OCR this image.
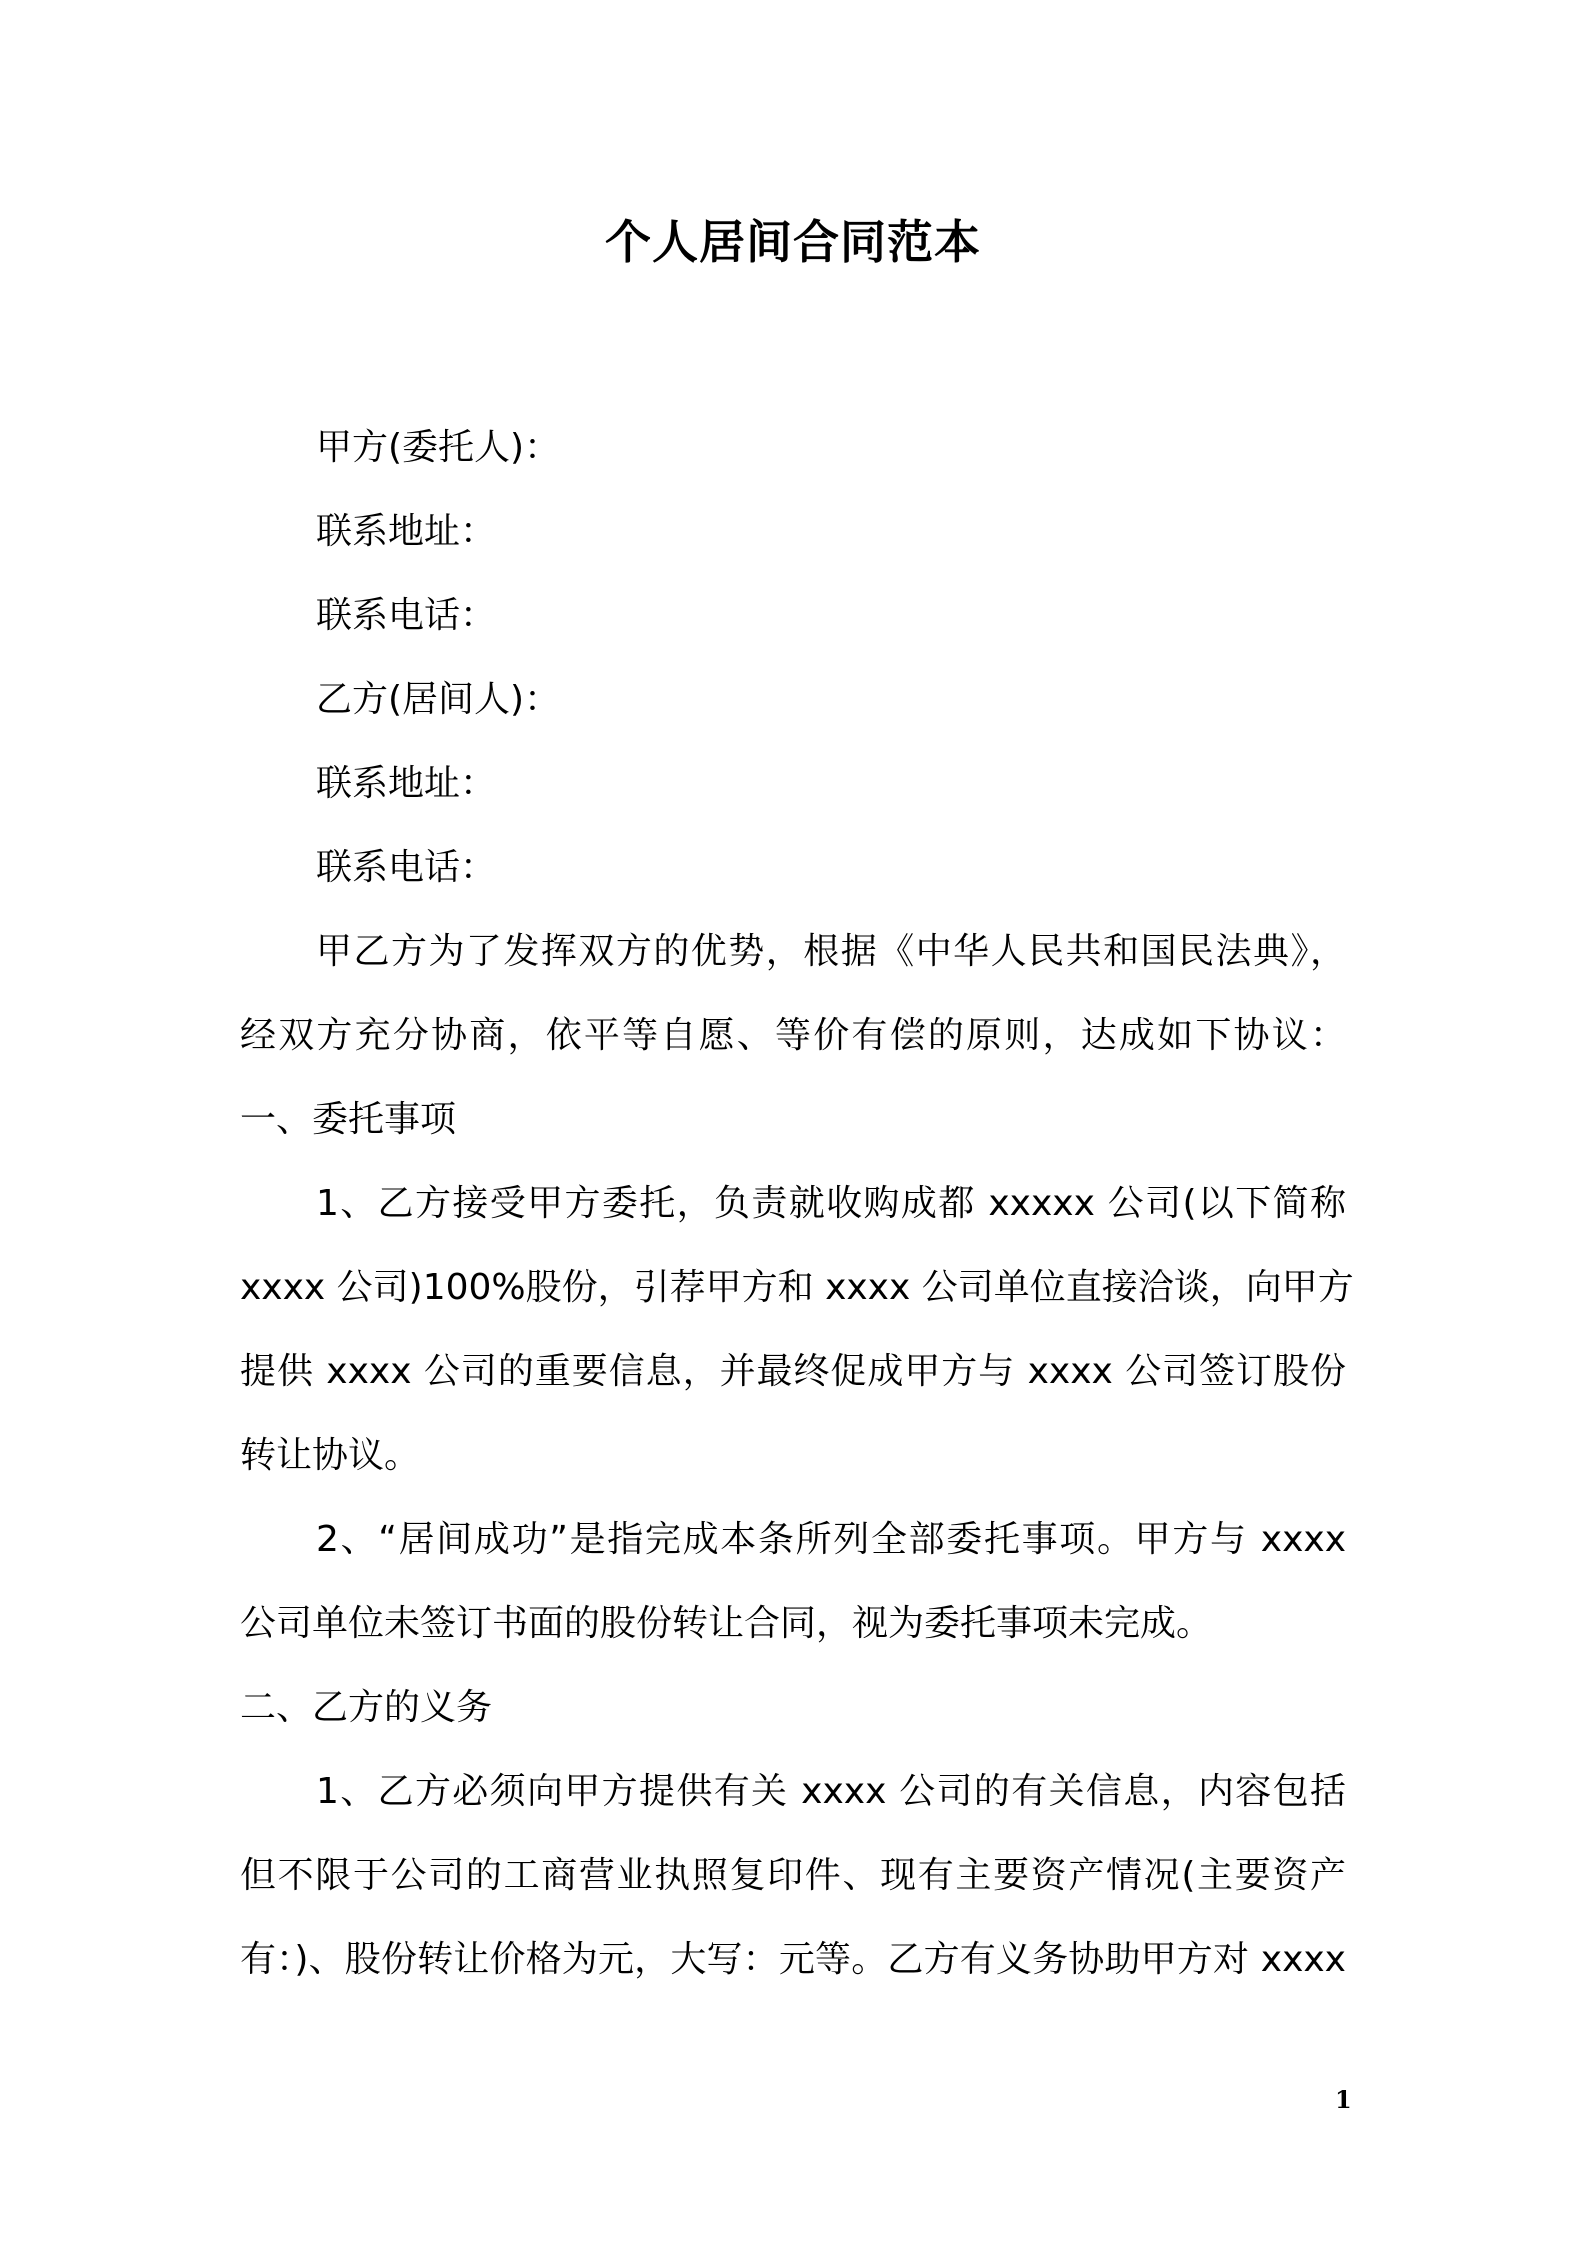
个人居间合同范本
甲方(委托人)：
联系地址：
联系电话：
乙方(居间人)：
联系地址：
联系电话：
甲乙方为了发挥双方的优势，根据《中华人民共和国民法典》，
经双方充分协商，依平等自愿、等价有偿的原则，达成如下协议：
一、委托事项
1、乙方接受甲方委托，负责就收购成都 xxxxx 公司(以下简称
xxxx 公司)100%股份，引荐甲方和 xxxx 公司单位直接洽谈，向甲方
提供 xxxx 公司的重要信息，并最终促成甲方与 xxxx 公司签订股份
转让协议。
2、“居间成功”是指完成本条所列全部委托事项。甲方与 xxxx
公司单位未签订书面的股份转让合同，视为委托事项未完成。
二、乙方的义务
1、乙方必须向甲方提供有关 xxxx 公司的有关信息，内容包括
但不限于公司的工商营业执照复印件、现有主要资产情况(主要资产
有：)、股份转让价格为元，大写：元等。乙方有义务协助甲方对 xxxx
1
